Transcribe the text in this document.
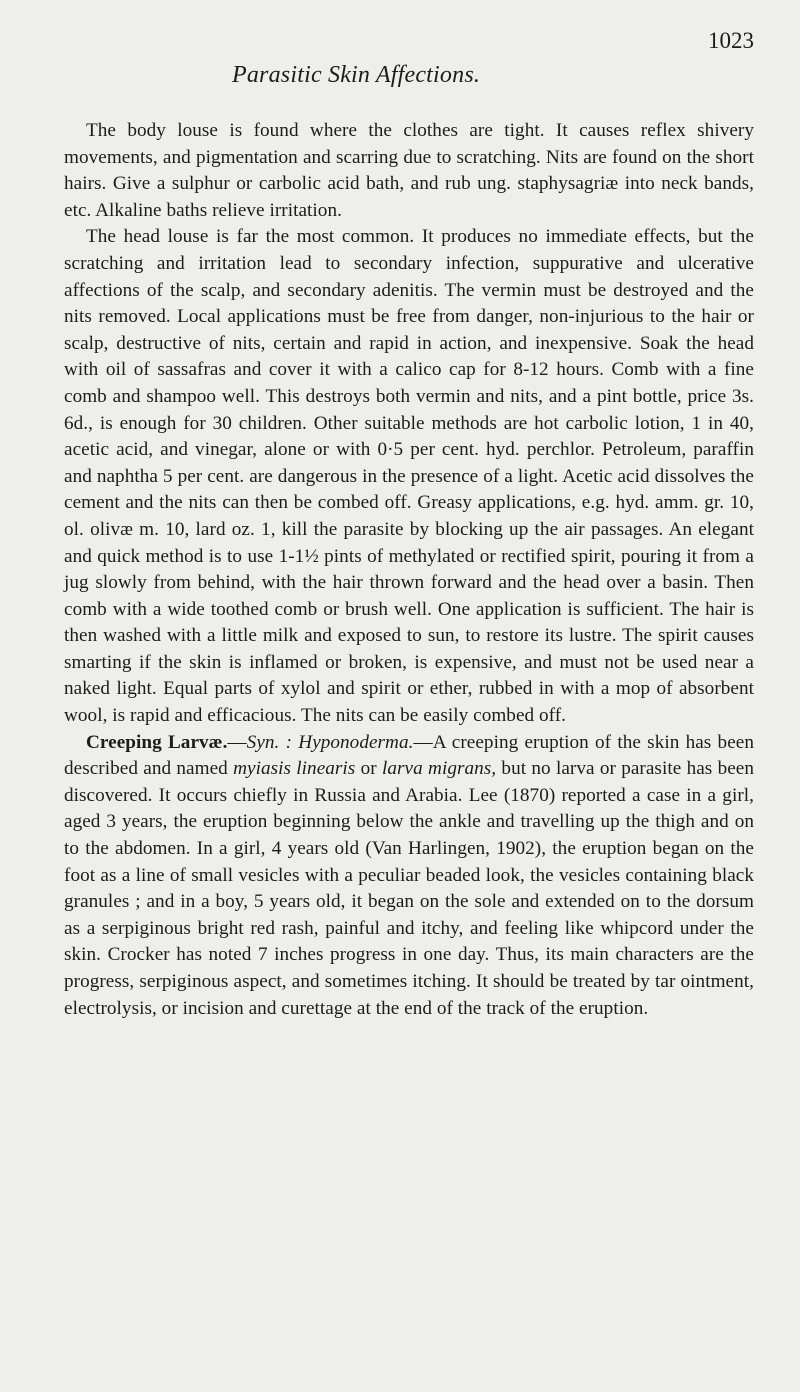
Parasitic Skin Affections.
1023

The body louse is found where the clothes are tight. It causes reflex shivery movements, and pigmentation and scarring due to scratching. Nits are found on the short hairs. Give a sulphur or carbolic acid bath, and rub ung. staphysagriæ into neck bands, etc. Alkaline baths relieve irritation.

The head louse is far the most common. It produces no immediate effects, but the scratching and irritation lead to secondary infection, suppurative and ulcerative affections of the scalp, and secondary adenitis. The vermin must be destroyed and the nits removed. Local applications must be free from danger, non-injurious to the hair or scalp, destructive of nits, certain and rapid in action, and inexpensive. Soak the head with oil of sassafras and cover it with a calico cap for 8-12 hours. Comb with a fine comb and shampoo well. This destroys both vermin and nits, and a pint bottle, price 3s. 6d., is enough for 30 children. Other suitable methods are hot carbolic lotion, 1 in 40, acetic acid, and vinegar, alone or with 0·5 per cent. hyd. perchlor. Petroleum, paraffin and naphtha 5 per cent. are dangerous in the presence of a light. Acetic acid dissolves the cement and the nits can then be combed off. Greasy applications, e.g. hyd. amm. gr. 10, ol. olivæ m. 10, lard oz. 1, kill the parasite by blocking up the air passages. An elegant and quick method is to use 1-1½ pints of methylated or rectified spirit, pouring it from a jug slowly from behind, with the hair thrown forward and the head over a basin. Then comb with a wide toothed comb or brush well. One application is sufficient. The hair is then washed with a little milk and exposed to sun, to restore its lustre. The spirit causes smarting if the skin is inflamed or broken, is expensive, and must not be used near a naked light. Equal parts of xylol and spirit or ether, rubbed in with a mop of absorbent wool, is rapid and efficacious. The nits can be easily combed off.

Creeping Larvæ.—Syn. : Hyponoderma.—A creeping eruption of the skin has been described and named myiasis linearis or larva migrans, but no larva or parasite has been discovered. It occurs chiefly in Russia and Arabia. Lee (1870) reported a case in a girl, aged 3 years, the eruption beginning below the ankle and travelling up the thigh and on to the abdomen. In a girl, 4 years old (Van Harlingen, 1902), the eruption began on the foot as a line of small vesicles with a peculiar beaded look, the vesicles containing black granules ; and in a boy, 5 years old, it began on the sole and extended on to the dorsum as a serpiginous bright red rash, painful and itchy, and feeling like whipcord under the skin. Crocker has noted 7 inches progress in one day. Thus, its main characters are the progress, serpiginous aspect, and sometimes itching. It should be treated by tar ointment, electrolysis, or incision and curettage at the end of the track of the eruption.
